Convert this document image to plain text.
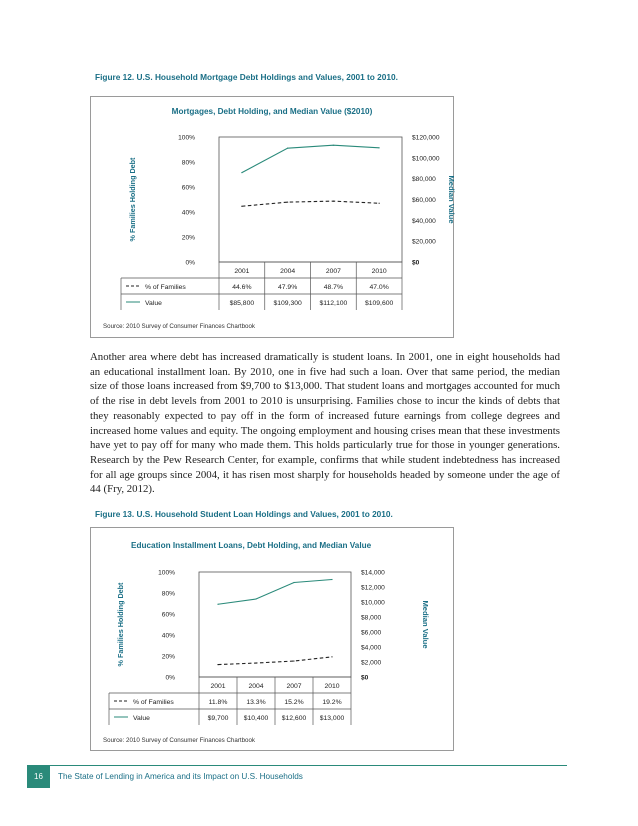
Figure 12. U.S. Household Mortgage Debt Holdings and Values, 2001 to 2010.
Mortgages, Debt Holding, and Median Value ($2010)
0%
20%
40%
60%
80%
100%
$0
$20,000
$40,000
$60,000
$80,000
$100,000
$120,000
% Families Holding Debt	Median Value
2001	2004	2007	2010
% of Families	44.6%	47.9%	48.7%	47.0%
Value	$85,800	$109,300	$112,100	$109,600
Source: 2010 Survey of Consumer Finances Chartbook
Another area where debt has increased dramatically is student loans. In 2001, one in eight households had an educational installment loan. By 2010, one in five had such a loan. Over that same period, the median size of those loans increased from $9,700 to $13,000. That student loans and mortgages accounted for much of the rise in debt levels from 2001 to 2010 is unsurprising. Families chose to incur the kinds of debts that they reasonably expected to pay off in the form of increased future earnings from college degrees and increased home values and equity. The ongoing employment and housing crises mean that these investments have yet to pay off for many who made them. This holds particularly true for those in younger generations. Research by the Pew Research Center, for example, confirms that while student indebtedness has increased for all age groups since 2004, it has risen most sharply for households headed by someone under the age of 44 (Fry, 2012).
Figure 13. U.S. Household Student Loan Holdings and Values, 2001 to 2010.
Education Installment Loans, Debt Holding, and Median Value
0%
20%
40%
60%
80%
100%
$0
$2,000
$4,000
$6,000
$8,000
$10,000
$12,000
$14,000
% Families Holding Debt	Median Value
2001	2004	2007	2010
% of Families	11.8%	13.3%	15.2%	19.2%
Value	$9,700 $10,400 $12,600 $13,000
Source: 2010 Survey of Consumer Finances Chartbook
16	The State of Lending in America and its Impact on U.S. Households
